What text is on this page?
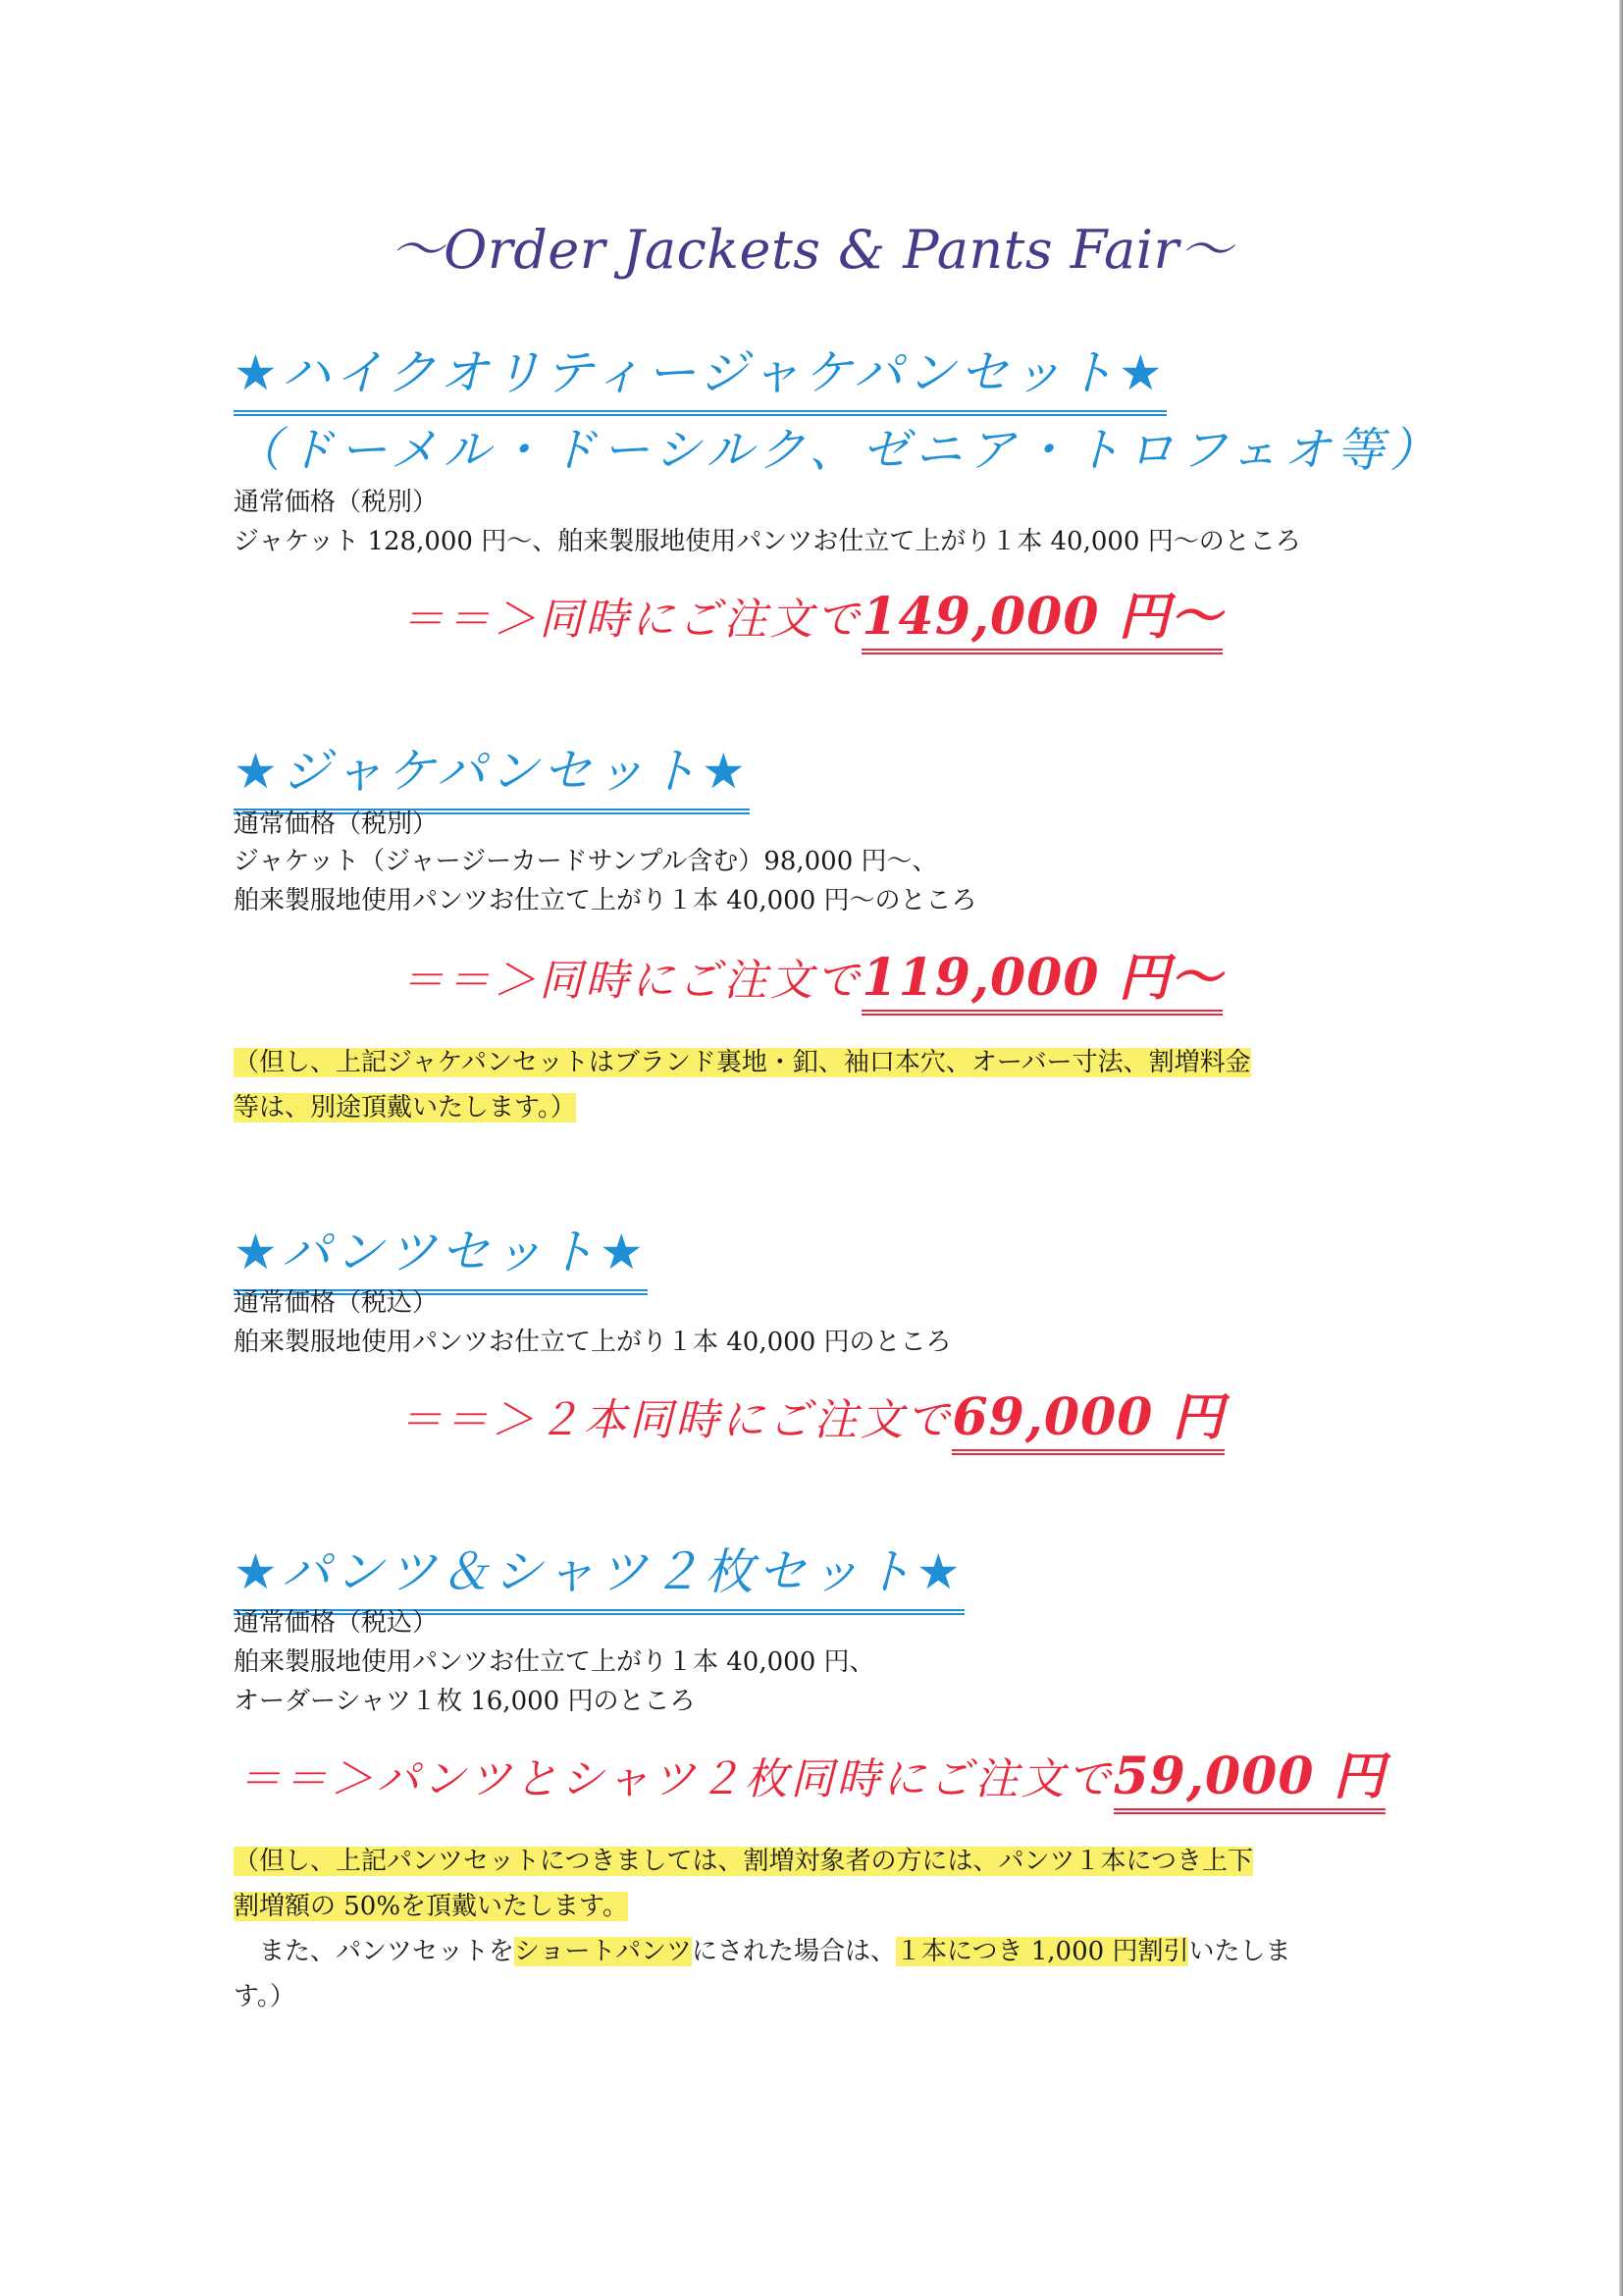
～Order Jackets & Pants Fair～
★ハイクオリティージャケパンセット★
（ドーメル・ドーシルク、ゼニア・トロフェオ等）
通常価格（税別）
ジャケット 128,000 円～、舶来製服地使用パンツお仕立て上がり１本 40,000 円～のところ
＝＝＞同時にご注文で149,000 円～
★ジャケパンセット★
通常価格（税別）
ジャケット（ジャージーカードサンプル含む）98,000 円～、
舶来製服地使用パンツお仕立て上がり１本 40,000 円～のところ
＝＝＞同時にご注文で119,000 円～
（但し、上記ジャケパンセットはブランド裏地・釦、袖口本穴、オーバー寸法、割増料金
等は、別途頂戴いたします。）
★パンツセット★
通常価格（税込）
舶来製服地使用パンツお仕立て上がり１本 40,000 円のところ
＝＝＞２本同時にご注文で69,000 円
★パンツ＆シャツ２枚セット★
通常価格（税込）
舶来製服地使用パンツお仕立て上がり１本 40,000 円、
オーダーシャツ１枚 16,000 円のところ
＝＝＞パンツとシャツ２枚同時にご注文で59,000 円
（但し、上記パンツセットにつきましては、割増対象者の方には、パンツ１本につき上下
割増額の 50%を頂戴いたします。
　また、パンツセットをショートパンツにされた場合は、１本につき 1,000 円割引いたしま
す。）
